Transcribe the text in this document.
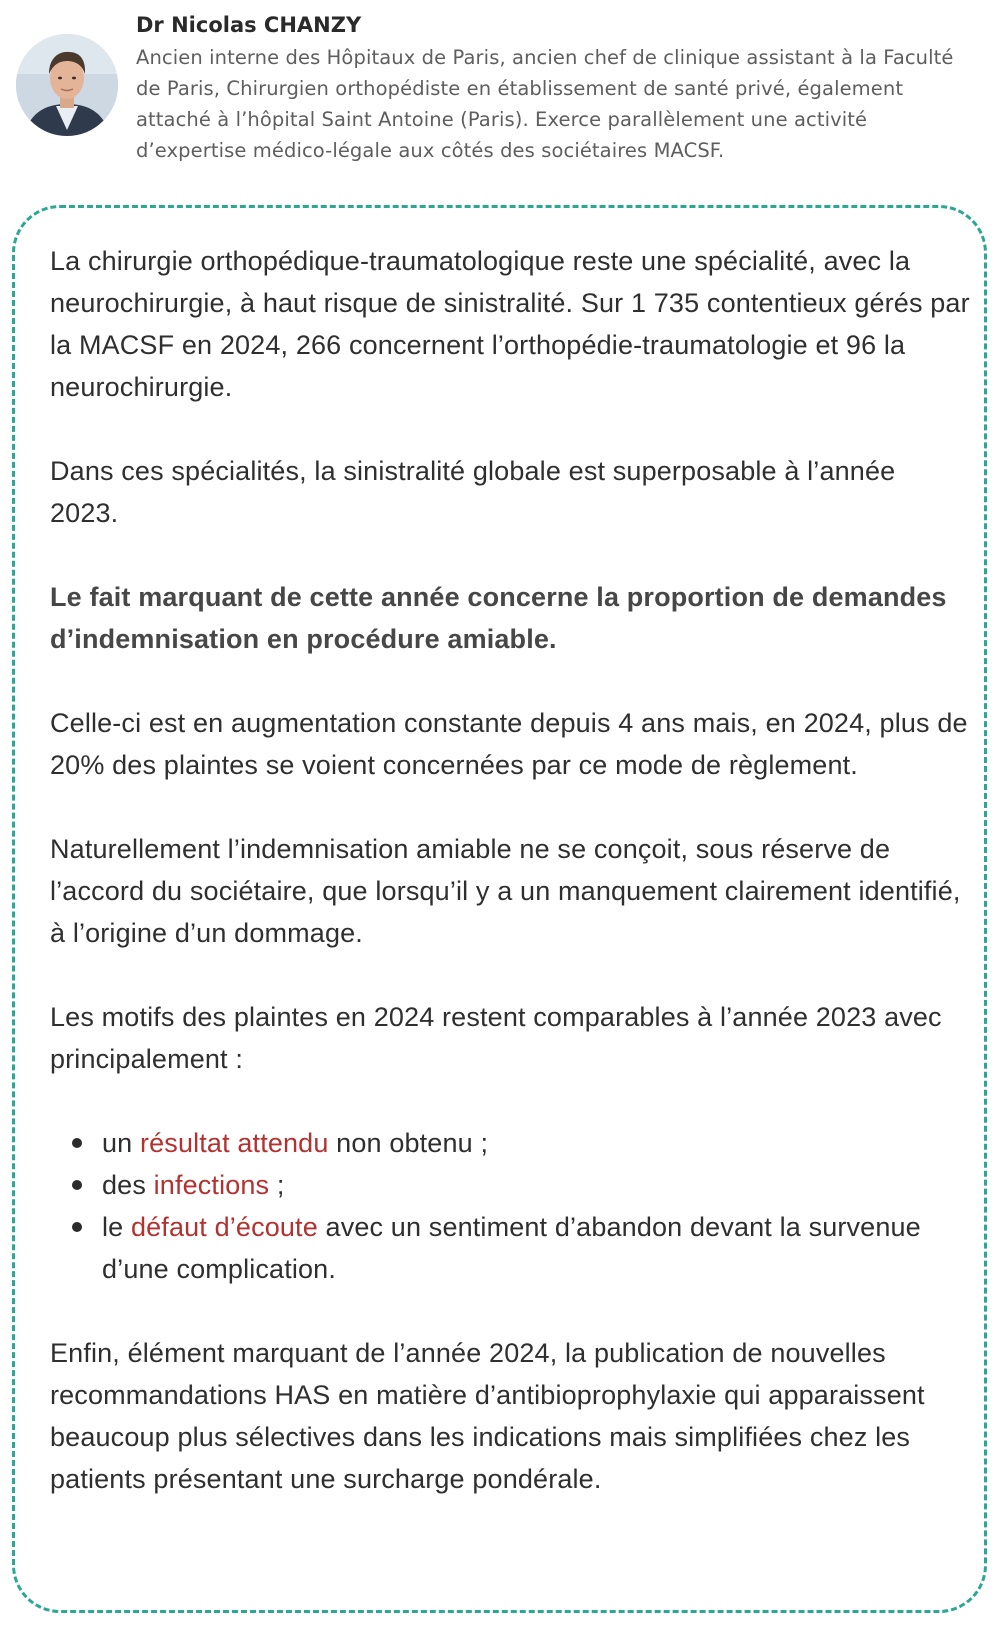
Dr Nicolas CHANZY

Ancien interne des Hôpitaux de Paris, ancien chef de clinique assistant à la Faculté de Paris, Chirurgien orthopédiste en établissement de santé privé, également attaché à l’hôpital Saint Antoine (Paris). Exerce parallèlement une activité d’expertise médico-légale aux côtés des sociétaires MACSF.

La chirurgie orthopédique-traumatologique reste une spécialité, avec la neurochirurgie, à haut risque de sinistralité. Sur 1 735 contentieux gérés par la MACSF en 2024, 266 concernent l’orthopédie-traumatologie et 96 la neurochirurgie.

Dans ces spécialités, la sinistralité globale est superposable à l’année 2023.

Le fait marquant de cette année concerne la proportion de demandes d’indemnisation en procédure amiable.

Celle-ci est en augmentation constante depuis 4 ans mais, en 2024, plus de 20% des plaintes se voient concernées par ce mode de règlement.

Naturellement l’indemnisation amiable ne se conçoit, sous réserve de l’accord du sociétaire, que lorsqu’il y a un manquement clairement identifié, à l’origine d’un dommage.

Les motifs des plaintes en 2024 restent comparables à l’année 2023 avec principalement :

un résultat attendu non obtenu ;
des infections ;
le défaut d’écoute avec un sentiment d’abandon devant la survenue d’une complication.

Enfin, élément marquant de l’année 2024, la publication de nouvelles recommandations HAS en matière d’antibioprophylaxie qui apparaissent beaucoup plus sélectives dans les indications mais simplifiées chez les patients présentant une surcharge pondérale.
